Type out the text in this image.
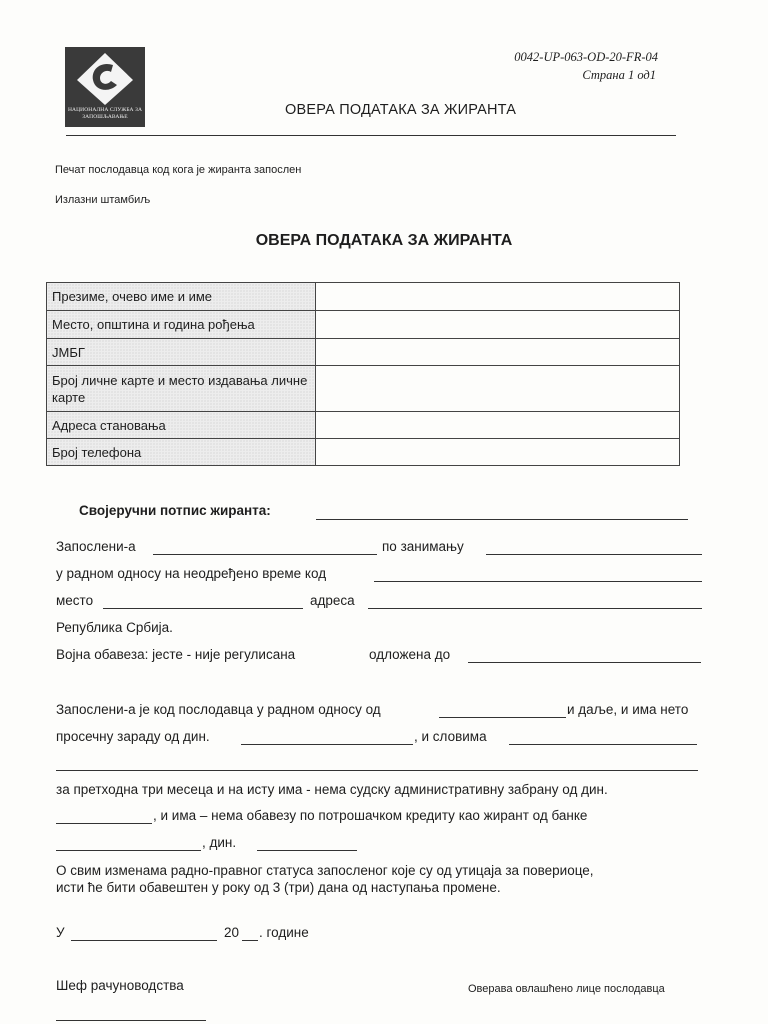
НАЦИОНАЛНА СЛУЖБА ЗА ЗАПОШЉАВАЊЕ
0042-UP-063-OD-20-FR-04
Страна 1 од1
ОВЕРА ПОДАТАКА ЗА ЖИРАНТА
Печат послодавца код кога је жиранта запослен
Излазни штамбиљ
ОВЕРА ПОДАТАКА ЗА ЖИРАНТА
Презиме, очево име и име	
Место, општина и година рођења	
ЈМБГ	
Број личне карте и место издавања личне карте	
Адреса становања	
Број телефона	
Својеручни потпис жиранта:
Запослени-а	по занимању
у радном односу на неодређено време код
место	адреса
Република Србија.
Војна обавеза: јесте - није регулисана	одложена до
Запослени-а је код послодавца у радном односу од	и даље, и има нето
просечну зараду од дин.	, и словима
за претходна три месеца и на исту има - нема судску административну забрану од дин.
, и има – нема обавезу по потрошачком кредиту као жирант од банке
, дин.
О свим изменама радно-правног статуса запосленог које су од утицаја за повериоце,
исти ће бити обавештен у року од 3 (три) дана од наступања промене.
У	20 . године
Шеф рачуноводства	Оверава овлашћено лице послодавца
